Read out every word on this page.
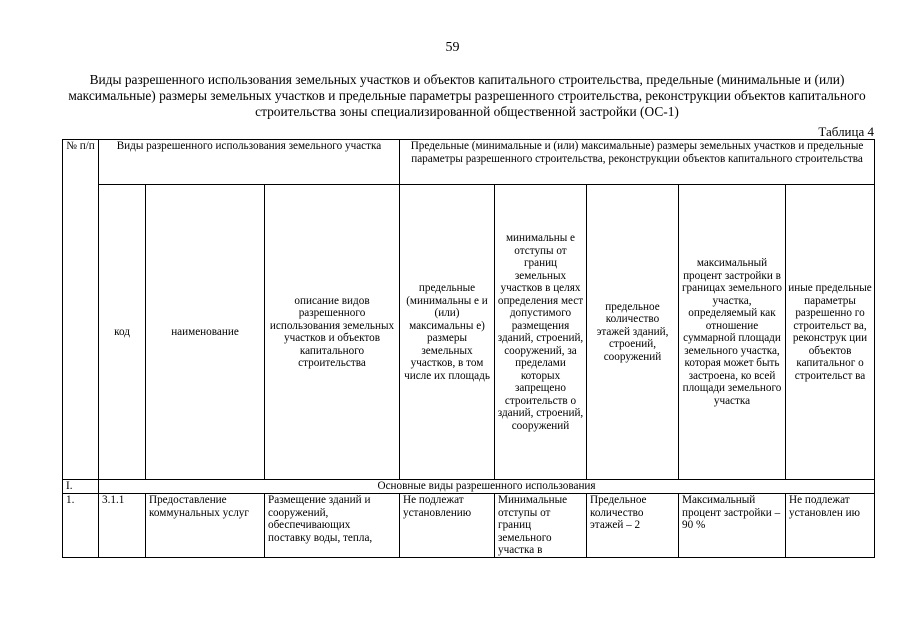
59
Виды разрешенного использования земельных участков и объектов капитального строительства, предельные (минимальные и (или) максимальные) размеры земельных участков и предельные параметры разрешенного строительства, реконструкции объектов капитального строительства зоны специализированной общественной застройки (ОС-1)
Таблица 4
№ п/п	Виды разрешенного использования земельного участка			Предельные (минимальные и (или) максимальные) размеры земельных участков и предельные параметры разрешенного строительства, реконструкции объектов капитального строительства				
	код	наименование	описание видов разрешенного использования земельных участков и объектов капитального строительства	предельные (минимальны е и (или) максимальны е) размеры земельных участков, в том числе их площадь	минимальны е отступы от границ земельных участков в целях определения мест допустимого размещения зданий, строений, сооружений, за пределами которых запрещено строительств о зданий, строений, сооружений	предельное количество этажей зданий, строений, сооружений	максимальный процент застройки в границах земельного участка, определяемый как отношение суммарной площади земельного участка, которая может быть застроена, ко всей площади земельного участка	иные предельные параметры разрешенно го строительст ва, реконструк ции объектов капитальног о строительст ва
I.	Основные виды разрешенного использования							
1.	3.1.1	Предоставление коммунальных услуг	Размещение зданий и сооружений, обеспечивающих поставку воды, тепла,	Не подлежат установлению	Минимальные отступы от границ земельного участка в	Предельное количество этажей – 2	Максимальный процент застройки – 90 %	Не подлежат установлен ию
